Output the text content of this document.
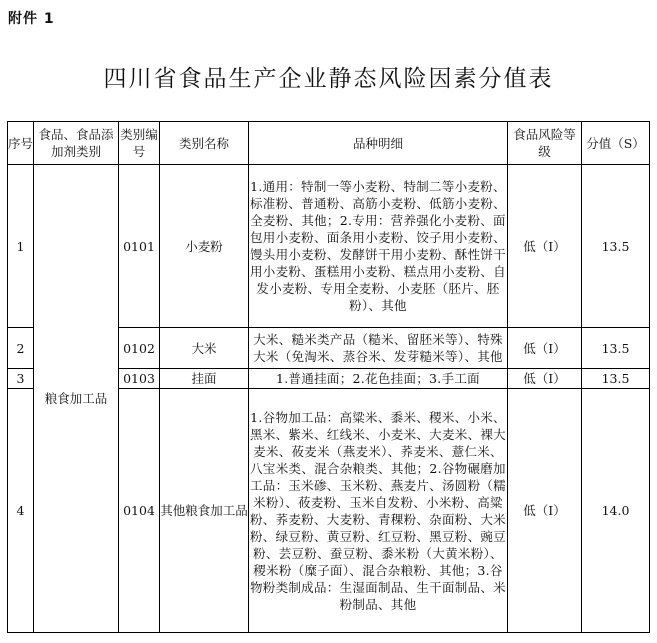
附件 1
四川省食品生产企业静态风险因素分值表
序号	食品、食品添加剂类别	类别编号	类别名称	品种明细	食品风险等级	分值（S）
1	粮食加工品	0101	小麦粉	1.通用：特制一等小麦粉、特制二等小麦粉、标准粉、普通粉、高筋小麦粉、低筋小麦粉、全麦粉、其他；2.专用：营养强化小麦粉、面包用小麦粉、面条用小麦粉、饺子用小麦粉、馒头用小麦粉、发酵饼干用小麦粉、酥性饼干用小麦粉、蛋糕用小麦粉、糕点用小麦粉、自发小麦粉、专用全麦粉、小麦胚（胚片、胚粉）、其他	低（Ⅰ）	13.5
2		0102	大米	大米、糙米类产品（糙米、留胚米等）、特殊大米（免淘米、蒸谷米、发芽糙米等）、其他	低（Ⅰ）	13.5
3		0103	挂面	1.普通挂面；2.花色挂面；3.手工面	低（Ⅰ）	13.5
4		0104	其他粮食加工品	1.谷物加工品：高粱米、黍米、稷米、小米、黑米、紫米、红线米、小麦米、大麦米、裸大麦米、莜麦米（燕麦米）、荞麦米、薏仁米、八宝米类、混合杂粮类、其他；2.谷物碾磨加工品：玉米碜、玉米粉、燕麦片、汤圆粉（糯米粉）、莜麦粉、玉米自发粉、小米粉、高粱粉、荞麦粉、大麦粉、青稞粉、杂面粉、大米粉、绿豆粉、黄豆粉、红豆粉、黑豆粉、豌豆粉、芸豆粉、蚕豆粉、黍米粉（大黄米粉）、稷米粉（糜子面）、混合杂粮粉、其他；3.谷物粉类制成品：生湿面制品、生干面制品、米粉制品、其他	低（Ⅰ）	14.0
